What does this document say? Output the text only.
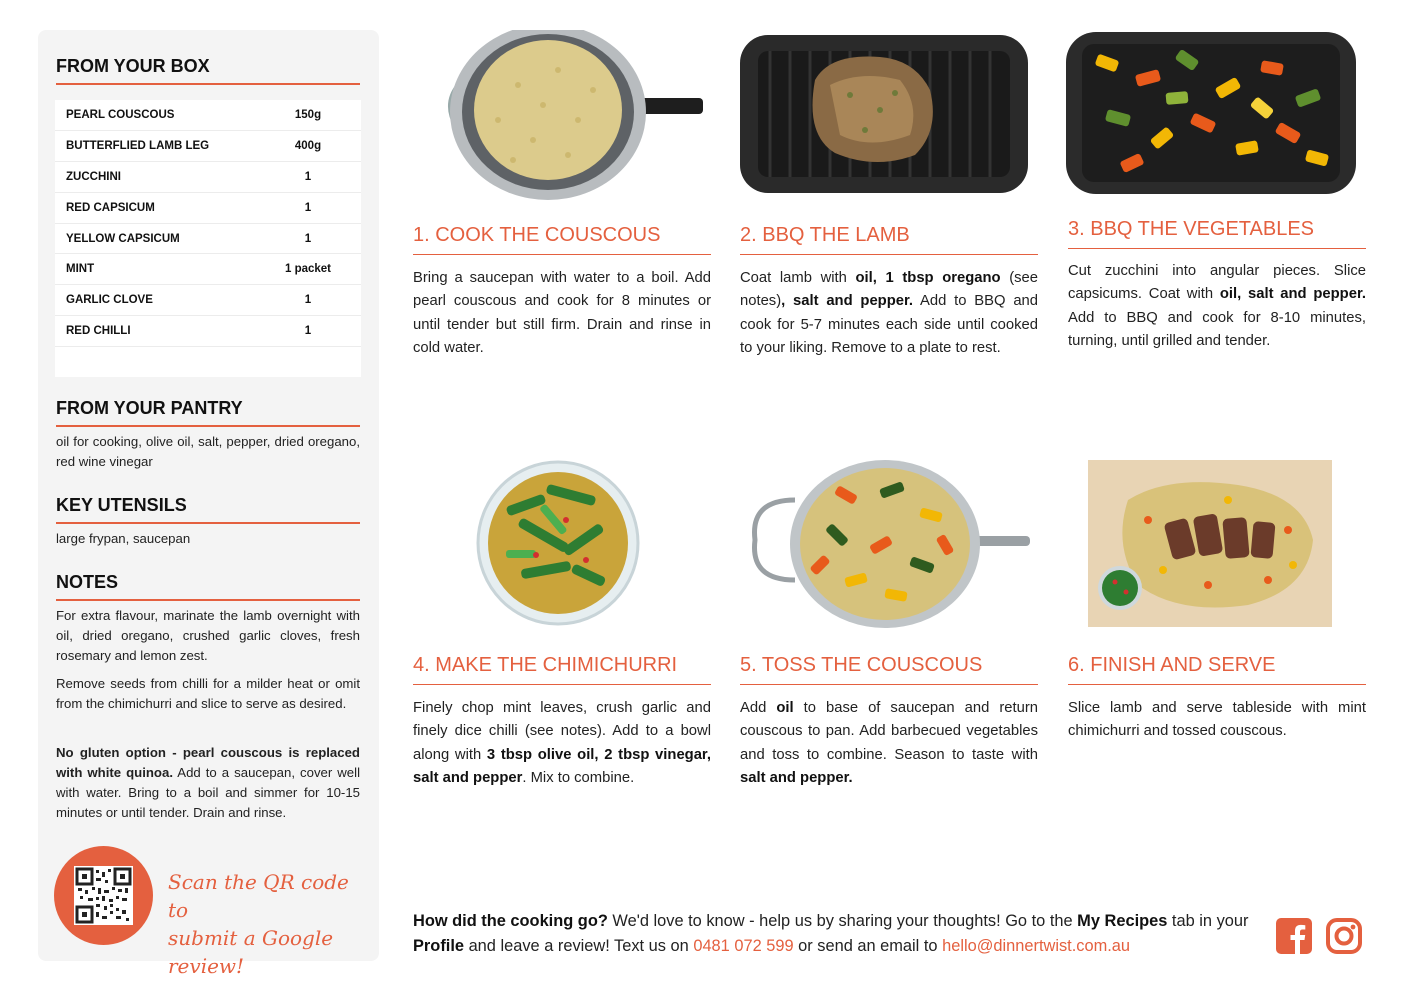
FROM YOUR BOX
PEARL COUSCOUS	150g
BUTTERFLIED LAMB LEG	400g
ZUCCHINI	1
RED CAPSICUM	1
YELLOW CAPSICUM	1
MINT	1 packet
GARLIC CLOVE	1
RED CHILLI	1

FROM YOUR PANTRY
oil for cooking, olive oil, salt, pepper, dried oregano, red wine vinegar
KEY UTENSILS
large frypan, saucepan
NOTES
For extra flavour, marinate the lamb overnight with oil, dried oregano, crushed garlic cloves, fresh rosemary and lemon zest.
Remove seeds from chilli for a milder heat or omit from the chimichurri and slice to serve as desired.
No gluten option - pearl couscous is replaced with white quinoa. Add to a saucepan, cover well with water. Bring to a boil and simmer for 10-15 minutes or until tender. Drain and rinse.
Scan the QR code to
submit a Google review!
1. COOK THE COUSCOUS
Bring a saucepan with water to a boil. Add pearl couscous and cook for 8 minutes or until tender but still firm. Drain and rinse in cold water.
2. BBQ THE LAMB
Coat lamb with oil, 1 tbsp oregano (see notes), salt and pepper. Add to BBQ and cook for 5-7 minutes each side until cooked to your liking. Remove to a plate to rest.
3. BBQ THE VEGETABLES
Cut zucchini into angular pieces. Slice capsicums. Coat with oil, salt and pepper. Add to BBQ and cook for 8-10 minutes, turning, until grilled and tender.
4. MAKE THE CHIMICHURRI
Finely chop mint leaves, crush garlic and finely dice chilli (see notes). Add to a bowl along with 3 tbsp olive oil, 2 tbsp vinegar, salt and pepper. Mix to combine.
5. TOSS THE COUSCOUS
Add oil to base of saucepan and return couscous to pan. Add barbecued vegetables and toss to combine. Season to taste with salt and pepper.
6. FINISH AND SERVE
Slice lamb and serve tableside with mint chimichurri and tossed couscous.
How did the cooking go? We'd love to know - help us by sharing your thoughts! Go to the My Recipes tab in your Profile and leave a review! Text us on 0481 072 599 or send an email to hello@dinnertwist.com.au
